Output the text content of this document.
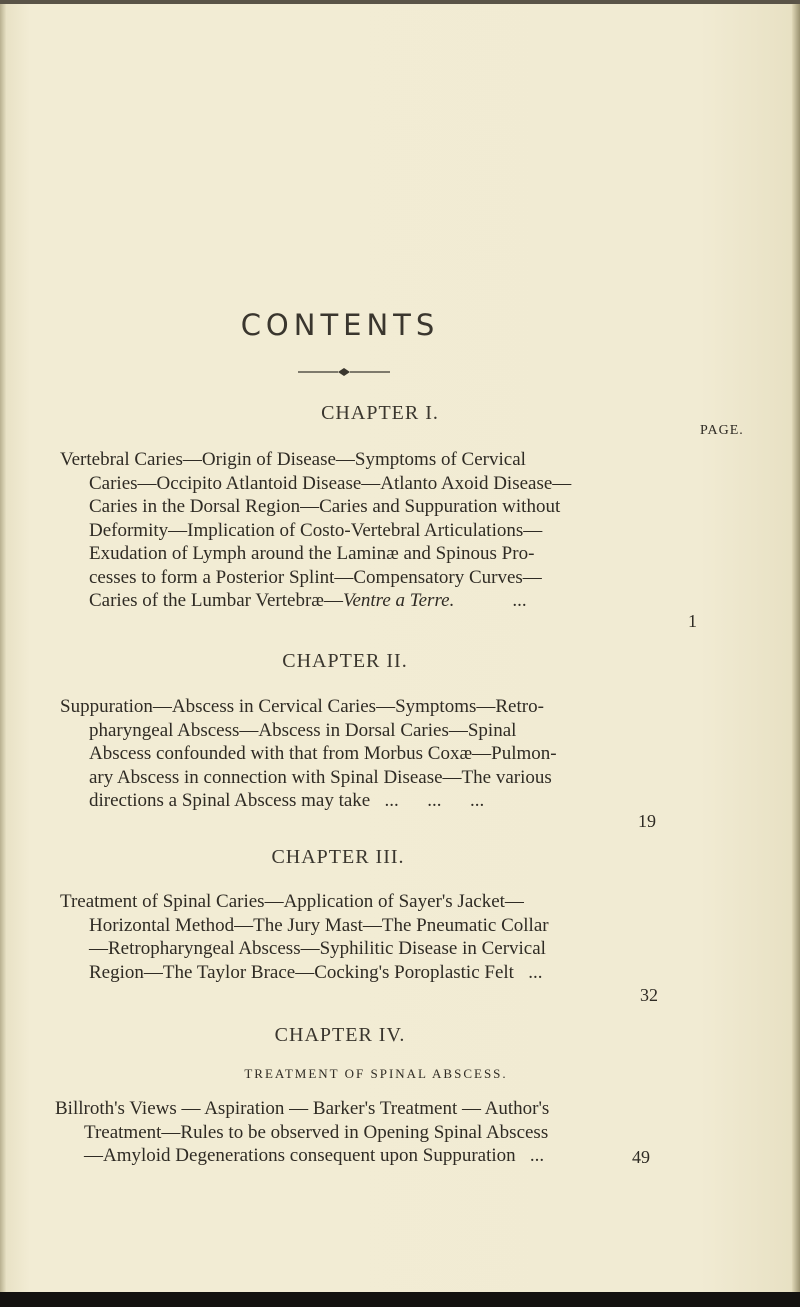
CONTENTS
CHAPTER I.
PAGE.
Vertebral Caries—Origin of Disease—Symptoms of Cervical
Caries—Occipito Atlantoid Disease—Atlanto Axoid Disease—
Caries in the Dorsal Region—Caries and Suppuration without
Deformity—Implication of Costo-Vertebral Articulations—
Exudation of Lymph around the Laminæ and Spinous Pro-
cesses to form a Posterior Splint—Compensatory Curves—
Caries of the Lumbar Vertebræ—Ventre a Terre.	...
1
CHAPTER II.
Suppuration—Abscess in Cervical Caries—Symptoms—Retro-
pharyngeal Abscess—Abscess in Dorsal Caries—Spinal
Abscess confounded with that from Morbus Coxæ—Pulmon-
ary Abscess in connection with Spinal Disease—The various
directions a Spinal Abscess may take   ...      ...      ...
19
CHAPTER III.
Treatment of Spinal Caries—Application of Sayer's Jacket—
Horizontal Method—The Jury Mast—The Pneumatic Collar
—Retropharyngeal Abscess—Syphilitic Disease in Cervical
Region—The Taylor Brace—Cocking's Poroplastic Felt   ...
32
CHAPTER IV.
TREATMENT OF SPINAL ABSCESS.
Billroth's Views — Aspiration — Barker's Treatment — Author's
Treatment—Rules to be observed in Opening Spinal Abscess
—Amyloid Degenerations consequent upon Suppuration   ...	49
